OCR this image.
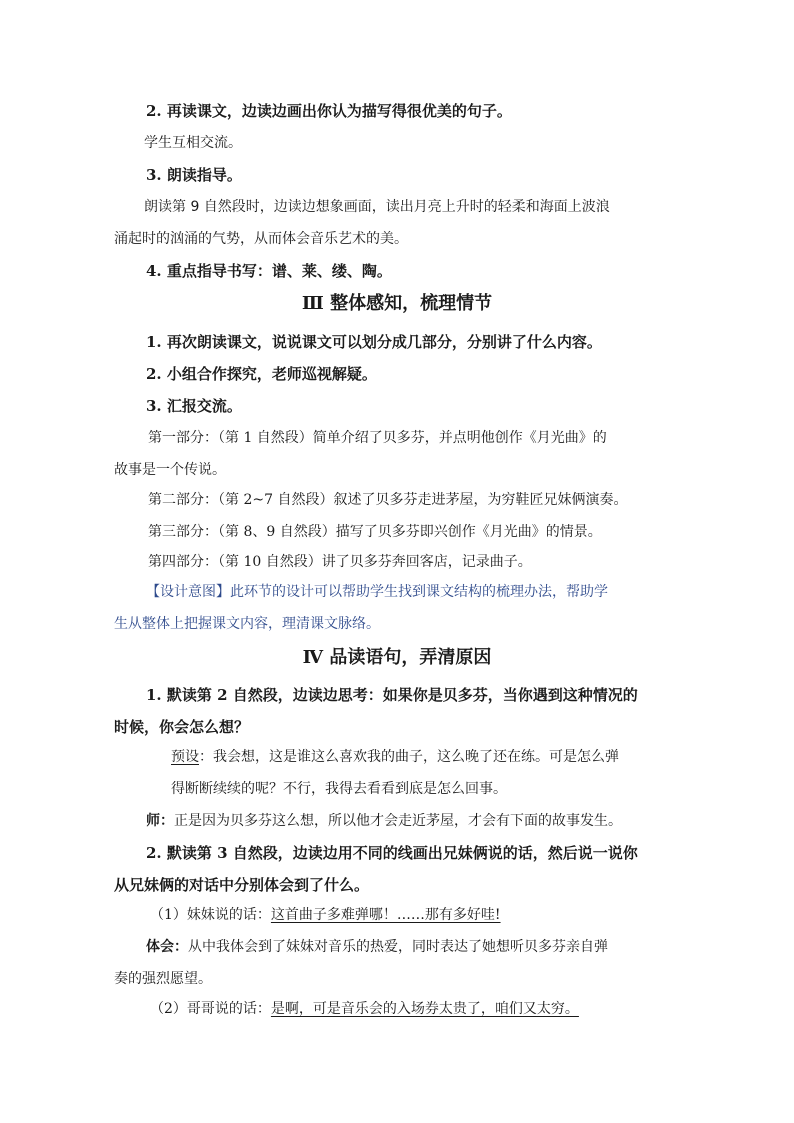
2. 再读课文，边读边画出你认为描写得很优美的句子。
学生互相交流。
3. 朗读指导。
朗读第 9 自然段时，边读边想象画面，读出月亮上升时的轻柔和海面上波浪
涌起时的汹涌的气势，从而体会音乐艺术的美。
4. 重点指导书写：谱、莱、缕、陶。
Ⅲ 整体感知，梳理情节
1. 再次朗读课文，说说课文可以划分成几部分，分别讲了什么内容。
2. 小组合作探究，老师巡视解疑。
3. 汇报交流。
第一部分：（第 1 自然段）简单介绍了贝多芬，并点明他创作《月光曲》的
故事是一个传说。
第二部分：（第 2~7 自然段）叙述了贝多芬走进茅屋，为穷鞋匠兄妹俩演奏。
第三部分：（第 8、9 自然段）描写了贝多芬即兴创作《月光曲》的情景。
第四部分：（第 10 自然段）讲了贝多芬奔回客店，记录曲子。
【设计意图】此环节的设计可以帮助学生找到课文结构的梳理办法，帮助学
生从整体上把握课文内容，理清课文脉络。
Ⅳ 品读语句，弄清原因
1. 默读第 2 自然段，边读边思考：如果你是贝多芬，当你遇到这种情况的
时候，你会怎么想？
预设：我会想，这是谁这么喜欢我的曲子，这么晚了还在练。可是怎么弹
得断断续续的呢？不行，我得去看看到底是怎么回事。
师：正是因为贝多芬这么想，所以他才会走近茅屋，才会有下面的故事发生。
2. 默读第 3 自然段，边读边用不同的线画出兄妹俩说的话，然后说一说你
从兄妹俩的对话中分别体会到了什么。
（1）妹妹说的话：这首曲子多难弹哪！……那有多好哇!
体会：从中我体会到了妹妹对音乐的热爱，同时表达了她想听贝多芬亲自弹
奏的强烈愿望。
（2）哥哥说的话：是啊，可是音乐会的入场券太贵了，咱们又太穷。
